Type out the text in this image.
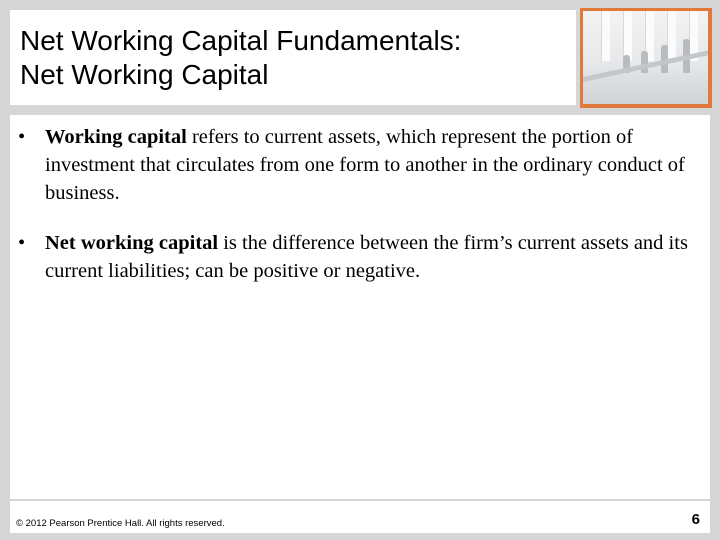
Net Working Capital Fundamentals:
Net Working Capital
• Working capital refers to current assets, which represent the portion of investment that circulates from one form to another in the ordinary conduct of business.
• Net working capital is the difference between the firm’s current assets and its current liabilities; can be positive or negative.
© 2012 Pearson Prentice Hall. All rights reserved.	6
